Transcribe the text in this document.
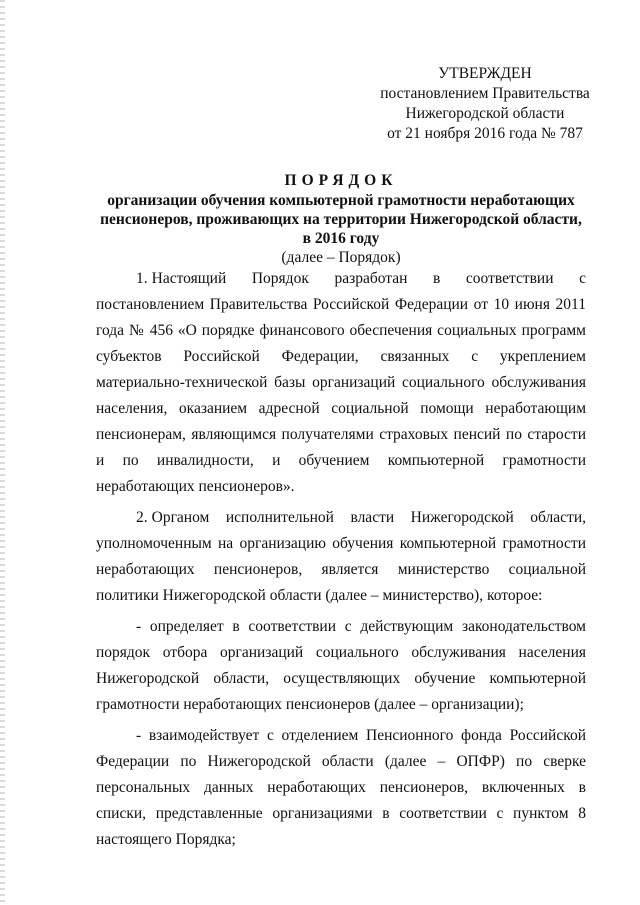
УТВЕРЖДЕН
постановлением Правительства
Нижегородской области
от 21 ноября 2016 года № 787
ПОРЯДОК
организации обучения компьютерной грамотности неработающих
пенсионеров, проживающих на территории Нижегородской области,
в 2016 году
(далее – Порядок)

1. Настоящий Порядок разработан в соответствии с постановлением Правительства Российской Федерации от 10 июня 2011 года № 456 «О порядке финансового обеспечения социальных программ субъектов Российской Федерации, связанных с укреплением материально-технической базы организаций социального обслуживания населения, оказанием адресной социальной помощи неработающим пенсионерам, являющимся получателями страховых пенсий по старости и по инвалидности, и обучением компьютерной грамотности неработающих пенсионеров».

2. Органом исполнительной власти Нижегородской области, уполномоченным на организацию обучения компьютерной грамотности неработающих пенсионеров, является министерство социальной политики Нижегородской области (далее – министерство), которое:

- определяет в соответствии с действующим законодательством порядок отбора организаций социального обслуживания населения Нижегородской области, осуществляющих обучение компьютерной грамотности неработающих пенсионеров (далее – организации);

- взаимодействует с отделением Пенсионного фонда Российской Федерации по Нижегородской области (далее – ОПФР) по сверке персональных данных неработающих пенсионеров, включенных в списки, представленные организациями в соответствии с пунктом 8 настоящего Порядка;
